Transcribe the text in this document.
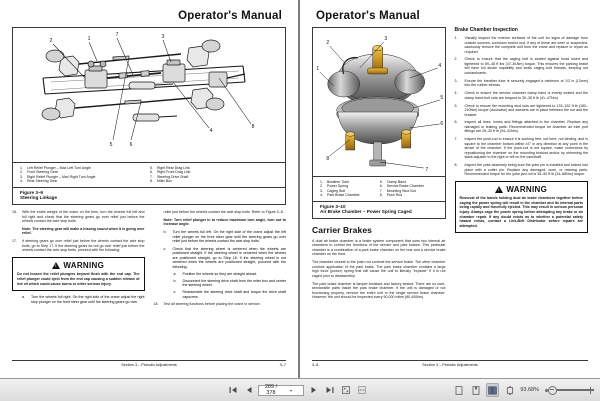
Operator's Manual
1
2
3
7
4
8
5	6
1. Left Relief Plunger – Max Left Turn Angle
2. Front Steering Gear
3. Right Relief Plunger – Max Right Turn Angle
4. Rear Steering Gear
5. Right Rear Drag Link
6. Right Front Drag Link
7. Steering Drive Shaft
8. Miter Box
Figure 3–9
Steering Linkage
16.	With the entire weight of the crane on the tires, turn the wheels full left and full right and check that the steering gears go over relief just before the wheels contact the axle stop bolts.

Note: The steering gear will make a hissing sound when it is going over relief.

17.	If steering gears go over relief just before the wheels contact the axle stop bolts, go to Step 17. If the steering gears do not go over relief just before the wheels contact the axle stop bolts, proceed with the following:
!
WARNING

Do not loosen the relief plungers beyond flush with the end cap. The relief plunger could eject from the end cap causing a sudden release of hot oil which could cause burns or other serious injury.

a.	Turn the wheels full right. On the right side of the crane adjust the right stop plunger on the front steer gear until the steering gears go over

relief just before the wheels contact the axle stop bolts. Refer to Figure 3–8.

Note: Turn relief plunger in to reduce maximum turn angle, turn out to increase angle.

b.	Turn the wheels full left. On the right side of the crane adjust the left relief plunger on the front steer gear until the steering gears go over relief just before the wheels contact the axle stop bolts.
c.	Check that the steering wheel is centered when the wheels are positioned straight. If the steering wheel is centered when the wheels are positioned straight, go to Step 18. If the steering wheel is not centered when the wheels are positioned straight, proceed with the following:
a.	Position the wheels so they are straight ahead.
b.	Disconnect the steering drive shaft from the miter box and center the steering wheel.
c.	Reassemble the steering drive shaft and torque the drive shaft capscrew.
18.	Test all steering functions before placing the crane in service.
Section 3 – Periodic Adjustments	3–7
Operator's Manual
2
3
4
5
6
7
8
1
1. Breather Tube
2. Power Spring
3. Caging Bolt
4. Park Brake Chamber
5. Clamp Band
6. Service Brake Chamber
7. Mounting Stud Nut
8. Push Rod
Figure 3–10
Air Brake Chamber – Power Spring Caged
Carrier Brakes

A dual air brake chamber is a brake system component that uses two internal air chambers to control the functions of the service and park brakes. This particular chamber is a combination of a park brake chamber on the rear and a service brake chamber on the front.

The chamber closest to the push rod controls the service brake. The other chamber controls application of the park brake. The park brake chamber contains a large high force (power) spring that will cause the unit to literally "explode" if it is not caged prior to disassembly.

The park brake chamber is tamper-resistant and factory sealed. There are no user-serviceable parts inside the park brake chamber. If the unit is damaged or not functioning properly, remove the entire unit or the single service brake chamber. However, the unit should be inspected every 50,000 miles (80,400km).

Brake Chamber Inspection
1.	Visually inspect the exterior surfaces of the unit for signs of damage from outside sources, corrosion and/or rust. If any of these are seen or suspected, cautiously remove the complete unit from the crane and replace or repair as required.
2.	Check to ensure that the caging bolt is seated against head insert and tightened to 89–46 ft lbs (47–61Nm) torque. This ensures the parking brake will have full stroke capability and seals caging bolt threads, keeping out contaminants.
3.	Ensure the breather tube is securely engaged a minimum of 1/2 in (13mm) into the rubber elbows.
4.	Check to ensure the service chamber clamp band is evenly seated and the clamp band bolt nuts are torqued to 30–35 ft lb (41–47Nm).
5.	Check to ensure the mounting stud nuts are tightened to 133–152 ft lb (180–210Nm) torque (clockwise) and washers are in place between the nut and the bracket.
6.	Inspect all lines, hoses and fittings attached to the chamber. Replace any damaged or leaking parts. Recommended torque for chamber air inlet port fittings are 25–30 ft lb (34–41Nm).
7.	Inspect the push-rod to ensure it is working free, not bent, not binding, and is square to the chamber bottom within ±3° in any direction at any point in the stroke of the chamber. If the push-rod is not square, make corrections by repositioning the chamber on the mounting bracket and/or by shimming the slack adjuster to the right or left on the camshaft.
8.	Inspect the yoke assembly being sure the yoke pin is installed and locked into place with a cotter pin. Replace any damaged, worn, or missing parts. Recommended torque for the yoke jam nut is 35–50 ft lb (34–68Nm) torque.
!
WARNING

Removal of the bands holding dual air brake chambers together before caging the power spring will result in the chamber and its internal parts being rapidly and forcefully ejected. This may result in serious personal injury. Always cage the power spring before attempting any brake or air chamber repair. If any doubt exists as to whether a potential safety hazard exists, contact a Link-Belt Distributor before repairs are attempted.

3–8	Section 3 – Periodic Adjustments
289 / 378	▾	93.68%
